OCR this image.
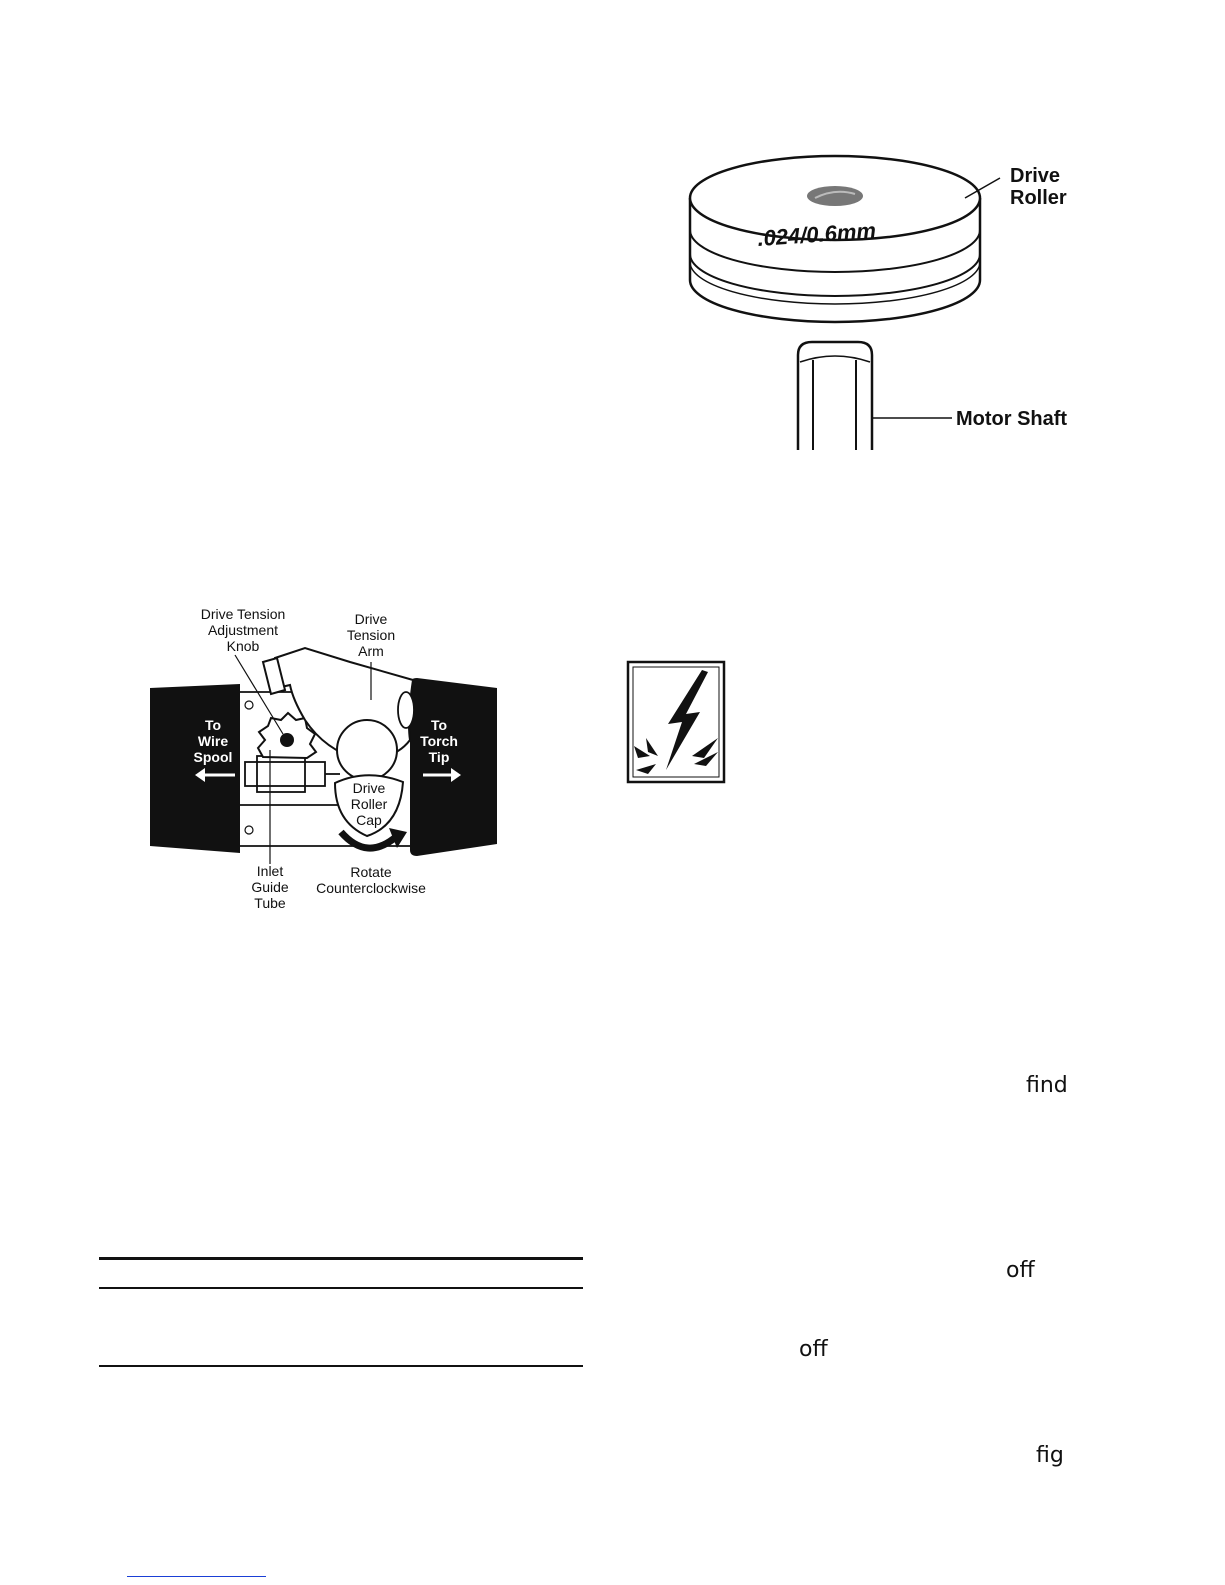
.024/0.6mm
Drive
Roller
Motor Shaft
Drive Tension
Adjustment
Knob
Drive
Tension
Arm
To
Wire
Spool
To
Torch
Tip
Drive
Roller
Cap
Inlet
Guide
Tube
Rotate
Counterclockwise
find
off
off
fig
